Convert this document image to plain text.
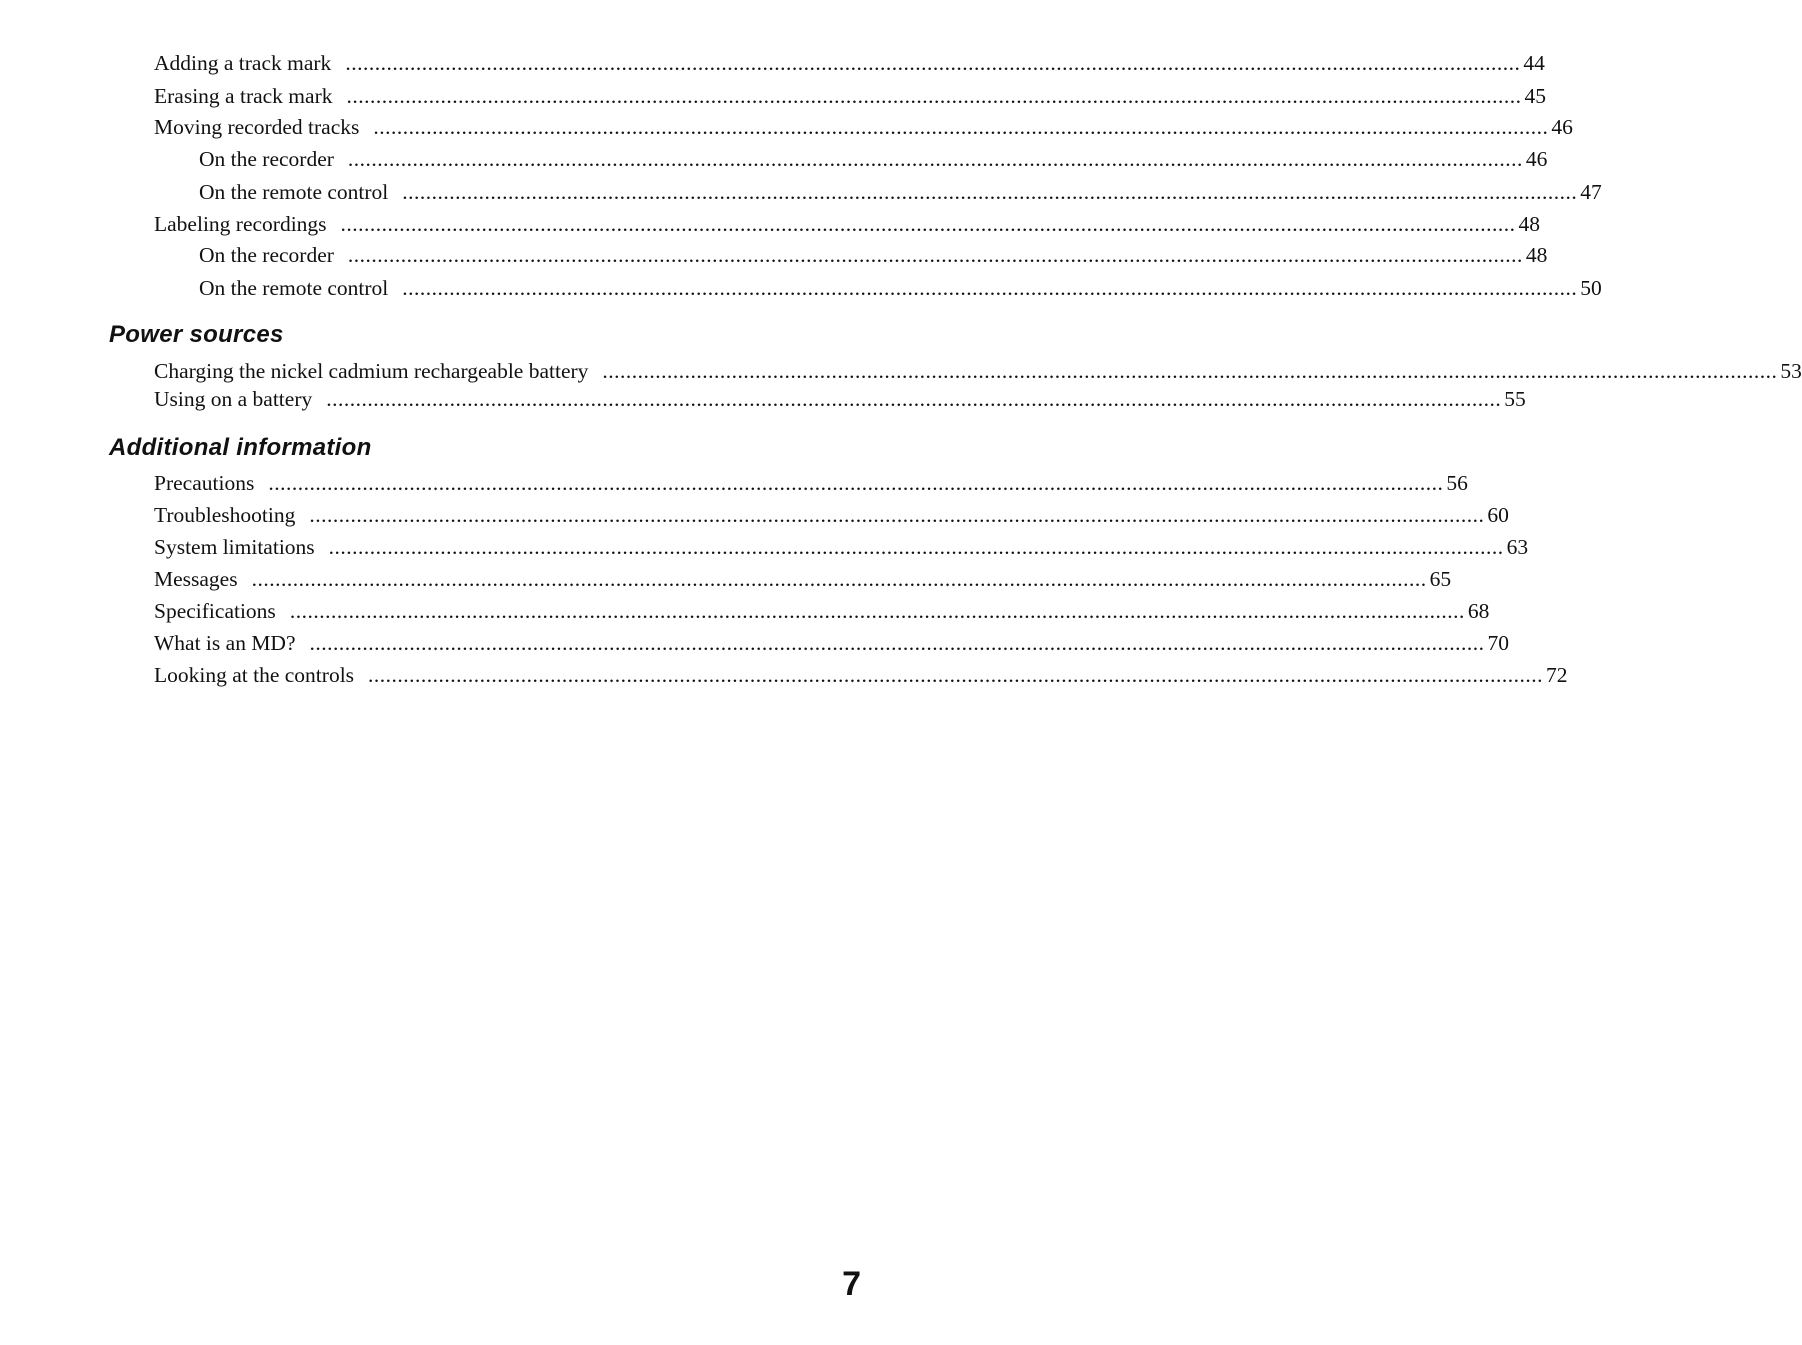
Adding a track mark ........................................................................................................................................................................................................ 44
Erasing a track mark ........................................................................................................................................................................................................ 45
Moving recorded tracks ........................................................................................................................................................................................................ 46
On the recorder ........................................................................................................................................................................................................ 46
On the remote control ........................................................................................................................................................................................................ 47
Labeling recordings ........................................................................................................................................................................................................ 48
On the recorder ........................................................................................................................................................................................................ 48
On the remote control ........................................................................................................................................................................................................ 50
Power sources
Charging the nickel cadmium rechargeable battery ........................................................................................................................................................................................................ 53
Using on a battery ........................................................................................................................................................................................................ 55
Additional information
Precautions ........................................................................................................................................................................................................ 56
Troubleshooting ........................................................................................................................................................................................................ 60
System limitations ........................................................................................................................................................................................................ 63
Messages ........................................................................................................................................................................................................ 65
Specifications ........................................................................................................................................................................................................ 68
What is an MD? ........................................................................................................................................................................................................ 70
Looking at the controls ........................................................................................................................................................................................................ 72
7
